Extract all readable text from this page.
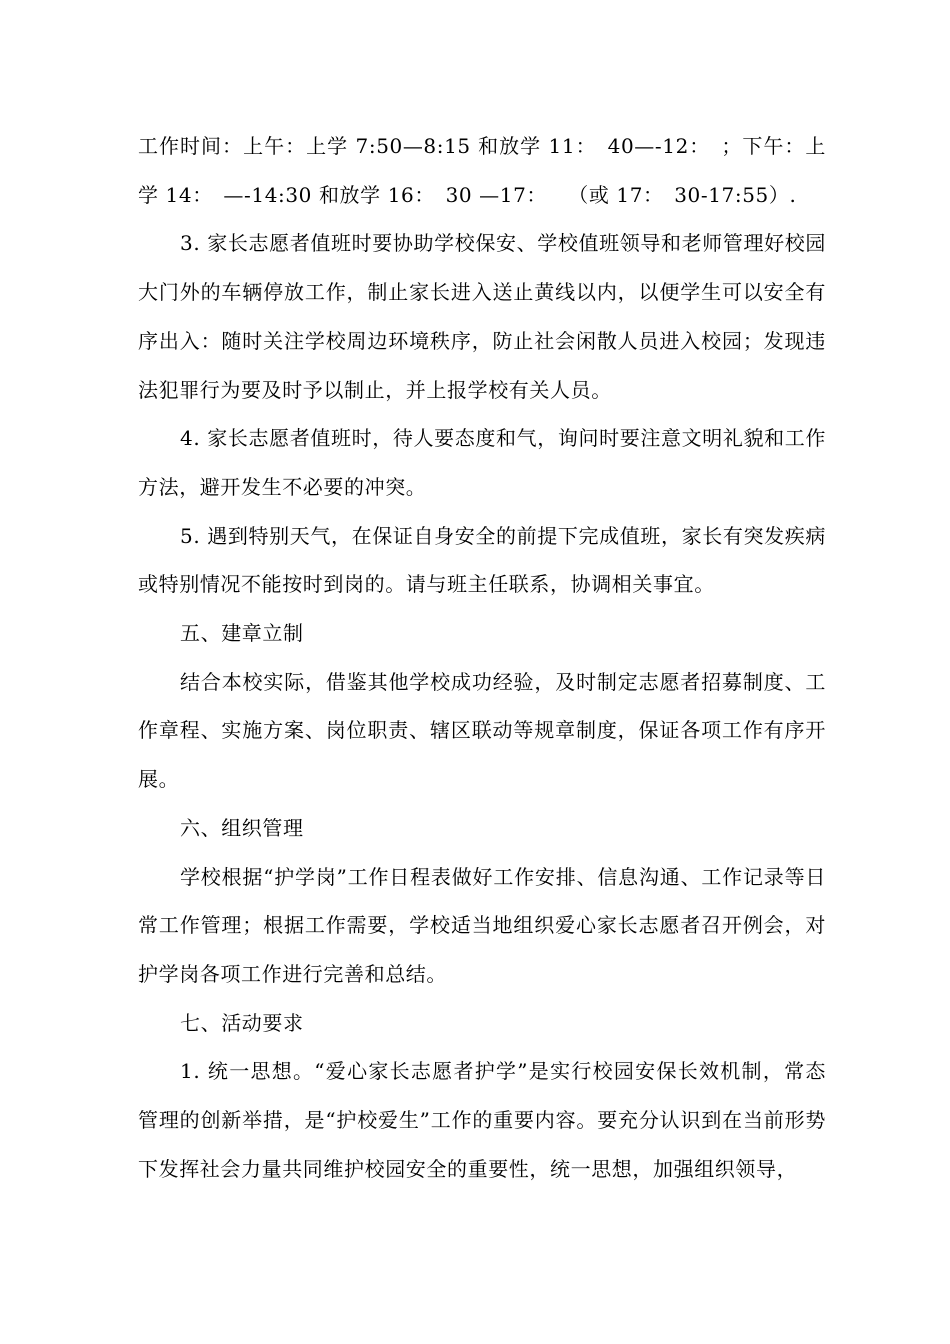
工作时间：上午：上学 7:50—8:15 和放学 11：　40—-12：　；下午：上学 14：　—-14:30 和放学 16：　30 —17：　　（或 17：　30-17:55）.

3. 家长志愿者值班时要协助学校保安、学校值班领导和老师管理好校园大门外的车辆停放工作，制止家长进入送止黄线以内，以便学生可以安全有序出入：随时关注学校周边环境秩序，防止社会闲散人员进入校园；发现违法犯罪行为要及时予以制止，并上报学校有关人员。

4. 家长志愿者值班时，待人要态度和气，询问时要注意文明礼貌和工作方法，避开发生不必要的冲突。

5. 遇到特别天气，在保证自身安全的前提下完成值班，家长有突发疾病或特别情况不能按时到岗的。请与班主任联系，协调相关事宜。

五、建章立制

结合本校实际，借鉴其他学校成功经验，及时制定志愿者招募制度、工作章程、实施方案、岗位职责、辖区联动等规章制度，保证各项工作有序开展。

六、组织管理

学校根据“护学岗”工作日程表做好工作安排、信息沟通、工作记录等日常工作管理；根据工作需要，学校适当地组织爱心家长志愿者召开例会，对护学岗各项工作进行完善和总结。

七、活动要求

1. 统一思想。“爱心家长志愿者护学”是实行校园安保长效机制，常态管理的创新举措，是“护校爱生”工作的重要内容。要充分认识到在当前形势下发挥社会力量共同维护校园安全的重要性，统一思想，加强组织领导，
